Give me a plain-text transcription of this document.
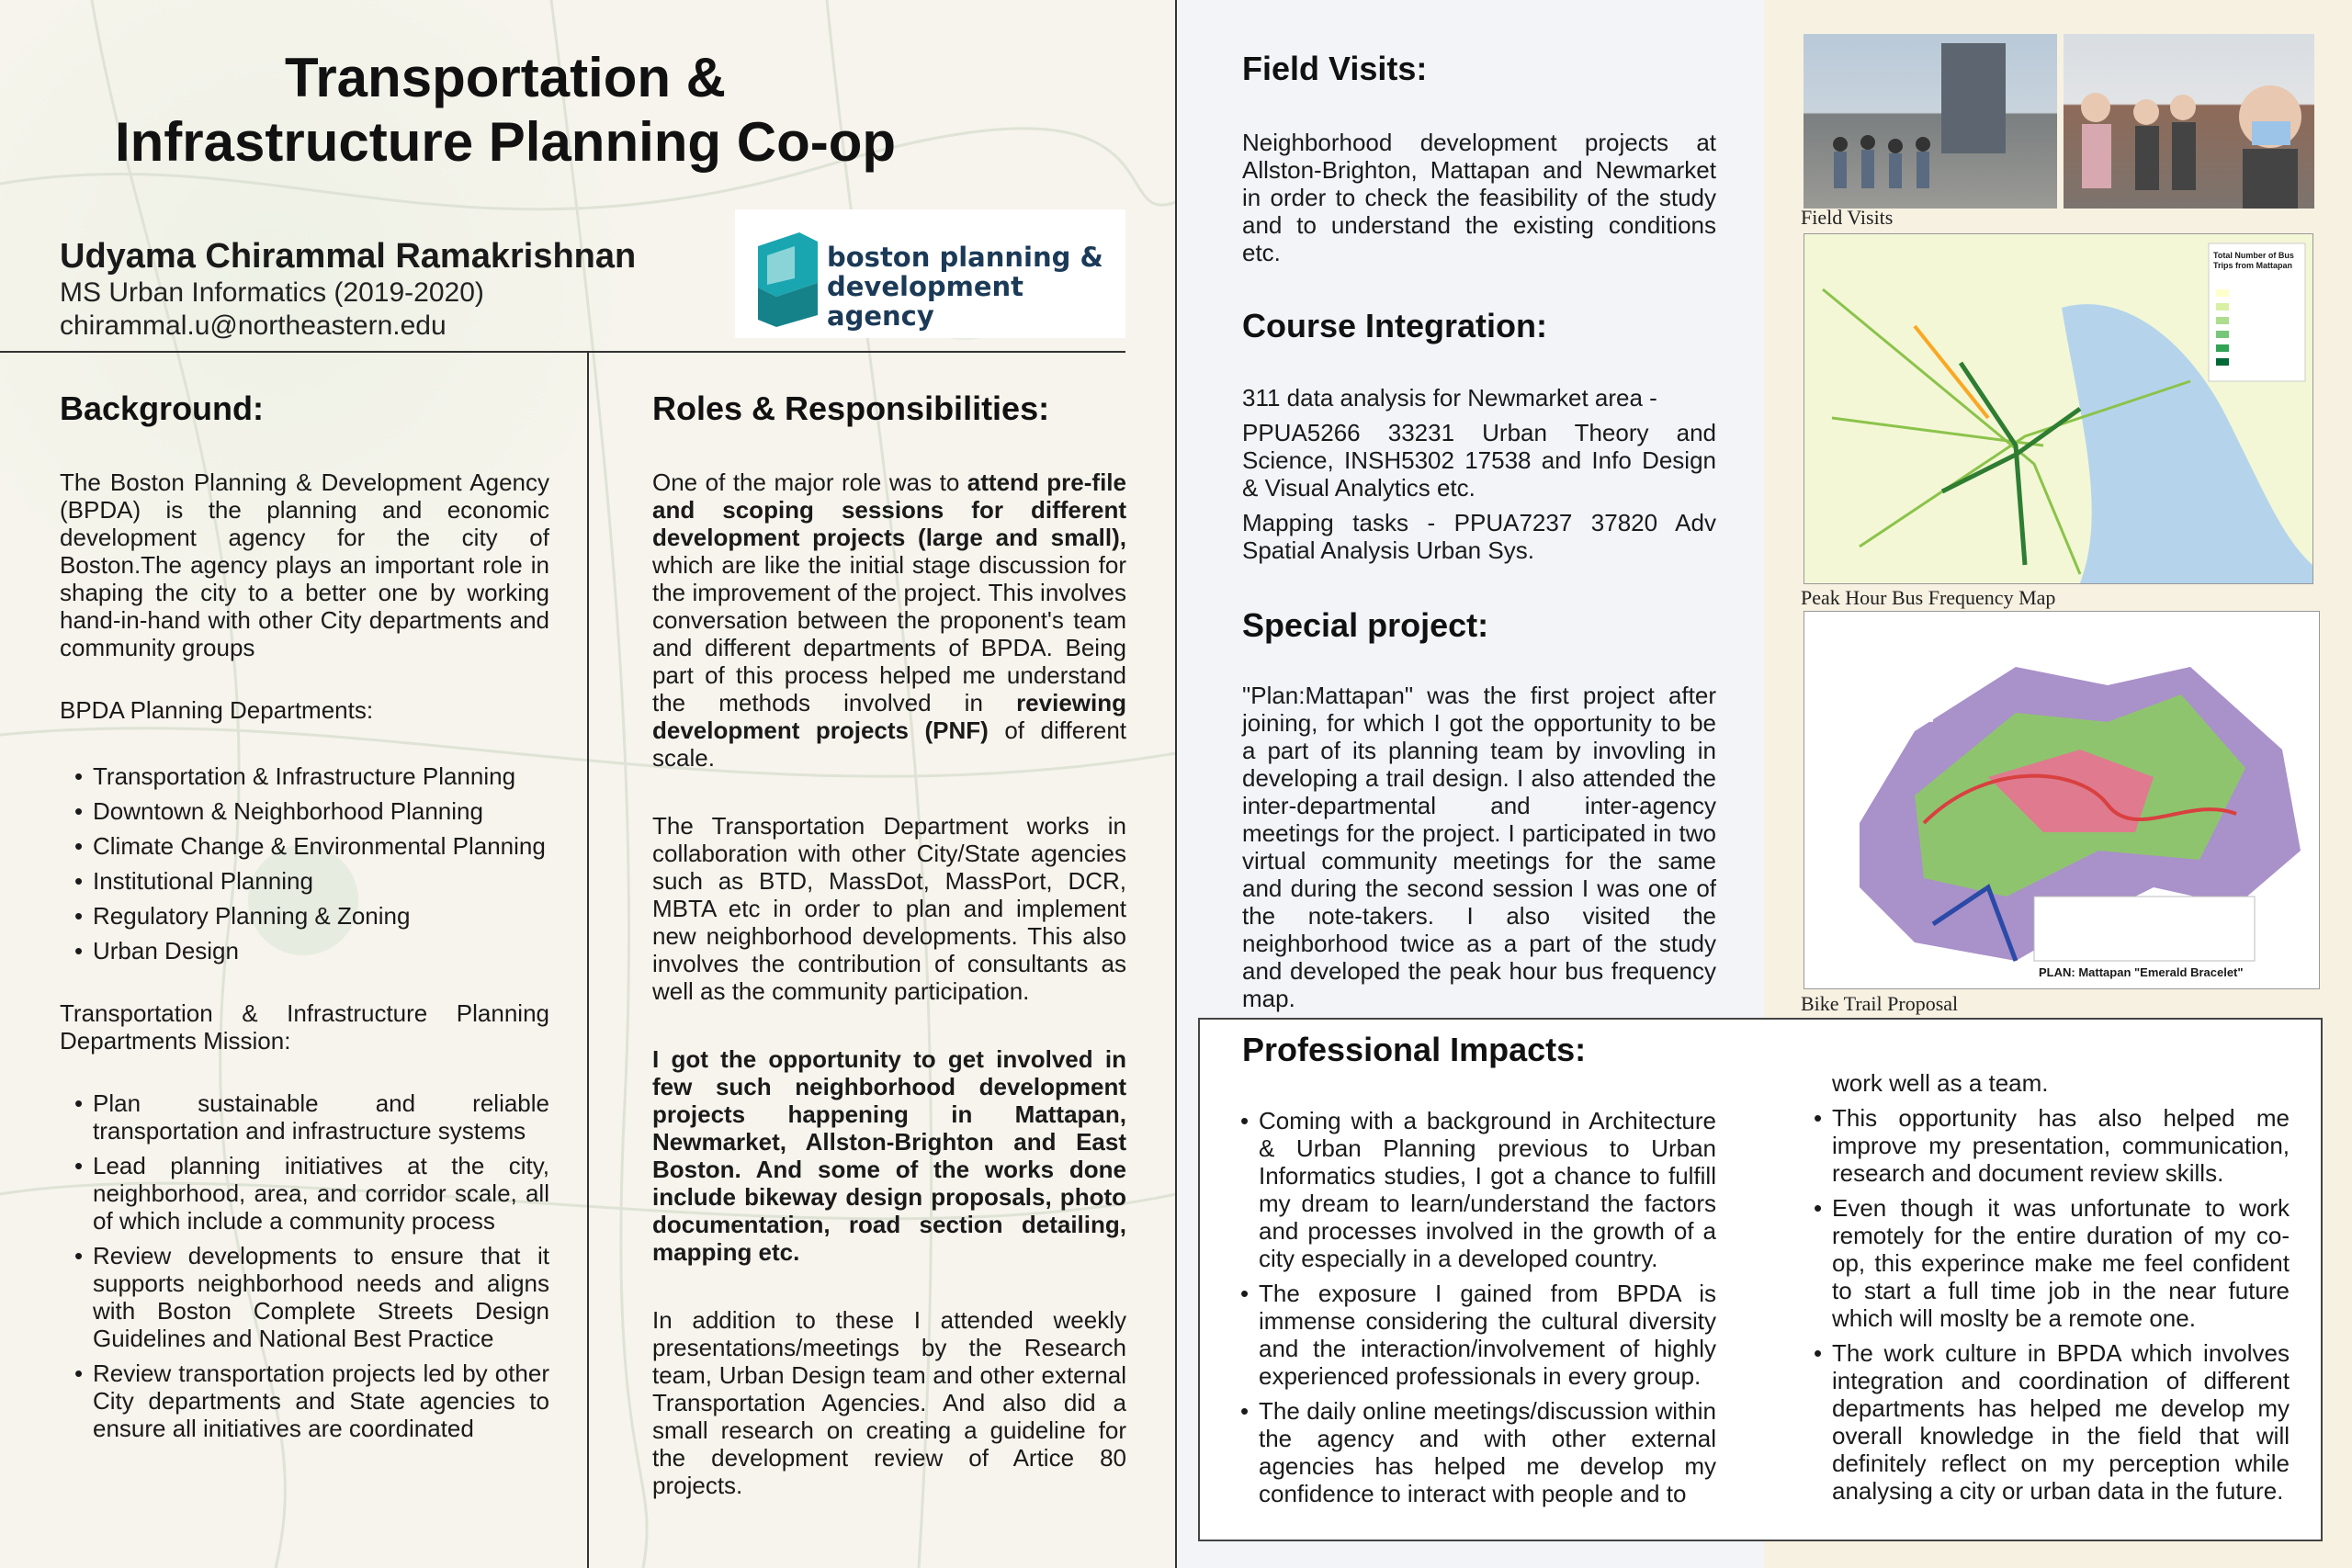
Transportation & Infrastructure Planning Co-op
Udyama Chirammal Ramakrishnan
MS Urban Informatics (2019-2020)
chirammal.u@northeastern.edu
boston planning &
development agency
Background:

The Boston Planning & Development Agency (BPDA) is the planning and economic development agency for the city of Boston.The agency plays an important role in shaping the city to a better one by working hand-in-hand with other City departments and community groups

BPDA Planning Departments:
• Transportation & Infrastructure Planning
• Downtown & Neighborhood Planning
• Climate Change & Environmental Planning
• Institutional Planning
• Regulatory Planning & Zoning
• Urban Design
Transportation & Infrastructure Planning Departments Mission:
• Plan sustainable and reliable transportation and infrastructure systems
• Lead planning initiatives at the city, neighborhood, area, and corridor scale, all of which include a community process
• Review developments to ensure that it supports neighborhood needs and aligns with Boston Complete Streets Design Guidelines and National Best Practice
• Review transportation projects led by other City departments and State agencies to ensure all initiatives are coordinated
Roles & Responsibilities:

One of the major role was to attend pre-file and scoping sessions for different development projects (large and small), which are like the initial stage discussion for the improvement of the project. This involves conversation between the proponent's team and different departments of BPDA. Being part of this process helped me understand the methods involved in reviewing development projects (PNF) of different scale.

The Transportation Department works in collaboration with other City/State agencies such as BTD, MassDot, MassPort, DCR, MBTA etc in order to plan and implement new neighborhood developments. This also involves the contribution of consultants as well as the community participation.

I got the opportunity to get involved in few such neighborhood development projects happening in Mattapan, Newmarket, Allston-Brighton and East Boston. And some of the works done include bikeway design proposals, photo documentation, road section detailing, mapping etc.

In addition to these I attended weekly presentations/meetings by the Research team, Urban Design team and other external Transportation Agencies. And also did a small research on creating a guideline for the development review of Artice 80 projects.

Field Visits:
Neighborhood development projects at Allston-Brighton, Mattapan and Newmarket in order to check the feasibility of the study and to understand the existing conditions etc.
Course Integration:
311 data analysis for Newmarket area -
PPUA5266 33231 Urban Theory and Science, INSH5302 17538 and Info Design & Visual Analytics etc.
Mapping tasks - PPUA7237 37820 Adv Spatial Analysis Urban Sys.
Special project:
"Plan:Mattapan" was the first project after joining, for which I got the opportunity to be a part of its planning team by invovling in developing a trail design. I also attended the inter-departmental and inter-agency meetings for the project. I participated in two virtual community meetings for the same and during the second session I was one of the note-takers. I also visited the neighborhood twice as a part of the study and developed the peak hour bus frequency map.
Field Visits
Total Number of Bus Trips from Mattapan
Peak Hour Bus Frequency Map
PLAN: Mattapan "Emerald Bracelet"
Bike Trail Proposal
Professional Impacts:
• Coming with a background in Architecture & Urban Planning previous to Urban Informatics studies, I got a chance to fulfill my dream to learn/understand the factors and processes involved in the growth of a city especially in a developed country.
• The exposure I gained from BPDA is immense considering the cultural diversity and the interaction/involvement of highly experienced professionals in every group.
• The daily online meetings/discussion within the agency and with other external agencies has helped me develop my confidence to interact with people and to
work well as a team.
• This opportunity has also helped me improve my presentation, communication, research and document review skills.
• Even though it was unfortunate to work remotely for the entire duration of my co-op, this experince make me feel confident to start a full time job in the near future which will moslty be a remote one.
• The work culture in BPDA which involves integration and coordination of different departments has helped me develop my overall knowledge in the field that will definitely reflect on my perception while analysing a city or urban data in the future.
